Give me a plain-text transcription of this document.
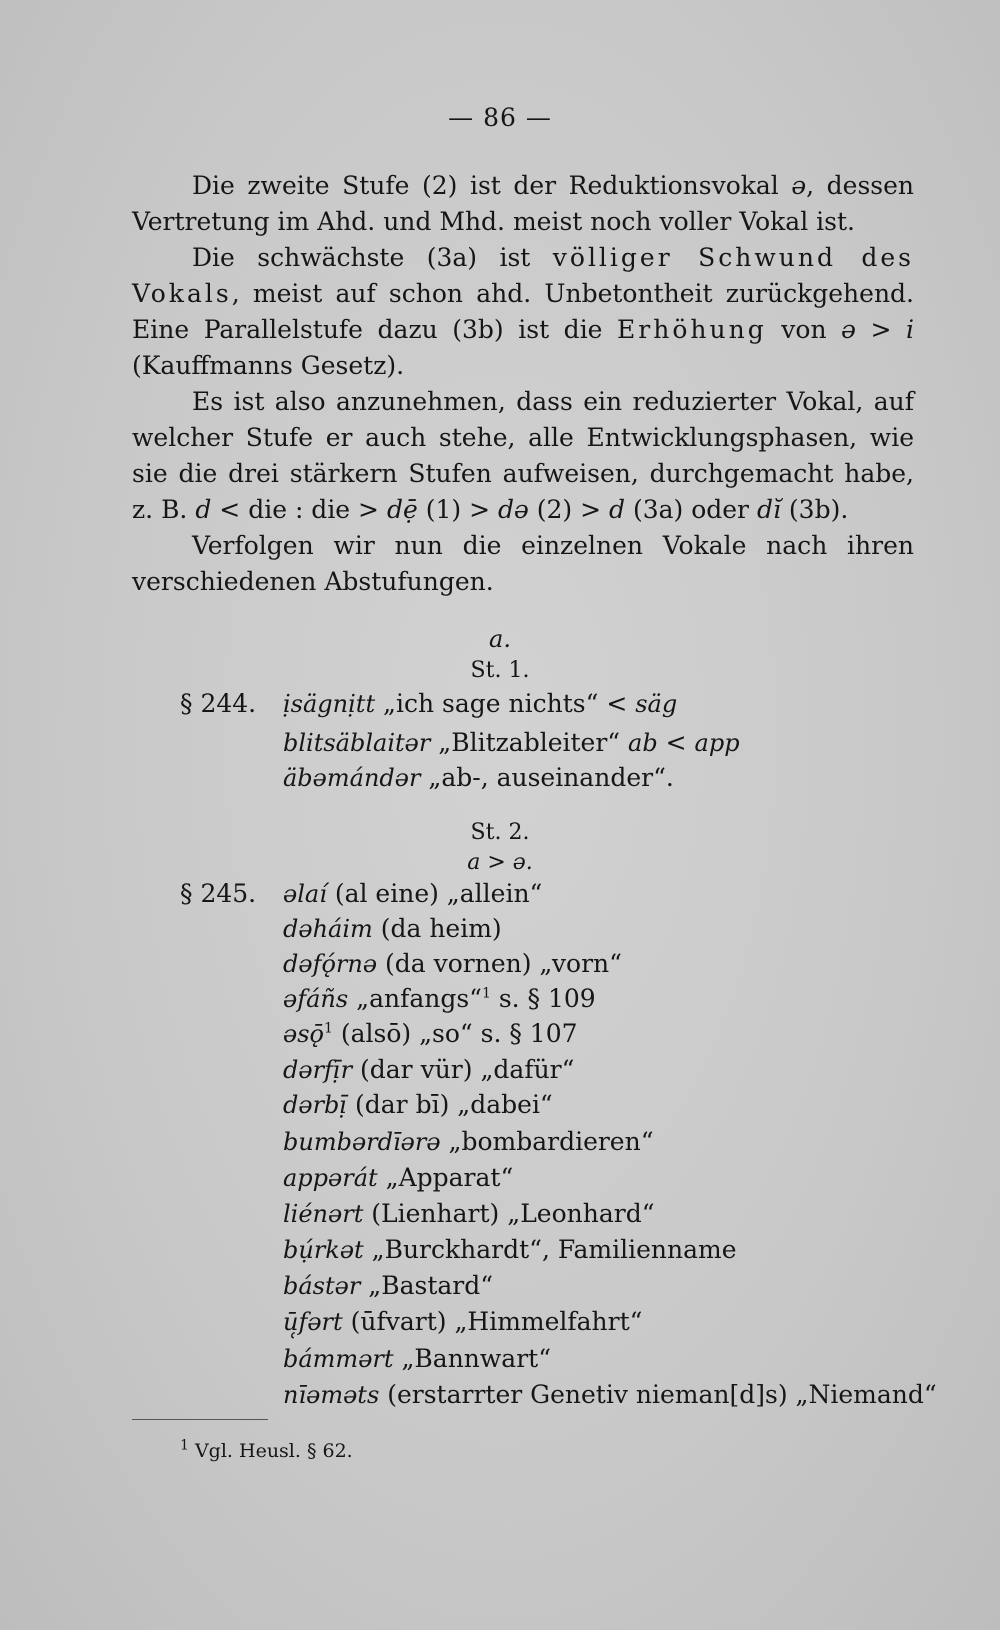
— 86 —

Die zweite Stufe (2) ist der Reduktionsvokal ə, dessen Vertretung im Ahd. und Mhd. meist noch voller Vokal ist.

Die schwächste (3a) ist völliger Schwund des Vokals, meist auf schon ahd. Unbetontheit zurückgehend. Eine Parallelstufe dazu (3b) ist die Erhöhung von ə > i (Kauffmanns Gesetz).

Es ist also anzunehmen, dass ein reduzierter Vokal, auf welcher Stufe er auch stehe, alle Entwicklungsphasen, wie sie die drei stärkern Stufen aufweisen, durchgemacht habe, z. B. d < die : die > dẹ̄ (1) > də (2) > d (3a) oder dĭ (3b).

Verfolgen wir nun die einzelnen Vokale nach ihren verschiedenen Abstufungen.

a.
St. 1.
§ 244.	ịsägnịtt „ich sage nichts“ < säg
blitsäblaitər „Blitzableiter“ ab < app
äbəmándər „ab-, auseinander“.
St. 2.
a > ə.
§ 245.	əlaí (al eine) „allein“
dəháim (da heim)
dəfǫ́rnə (da vornen) „vorn“
əfáñs „anfangs“$^1$ s. § 109
əsǭ$^1$ (alsō) „so“ s. § 107
dərfị̄r (dar vür) „dafür“
dərbị̄ (dar bī) „dabei“
bumbərdīərə „bombardieren“
appərát „Apparat“
liénərt (Lienhart) „Leonhard“
bụ́rkət „Burckhardt“, Familienname
bástər „Bastard“
ū̜fərt (ūfvart) „Himmelfahrt“
bámmərt „Bannwart“
nīəməts (erstarrter Genetiv nieman[d]s) „Niemand“
$^1$ Vgl. Heusl. § 62.
